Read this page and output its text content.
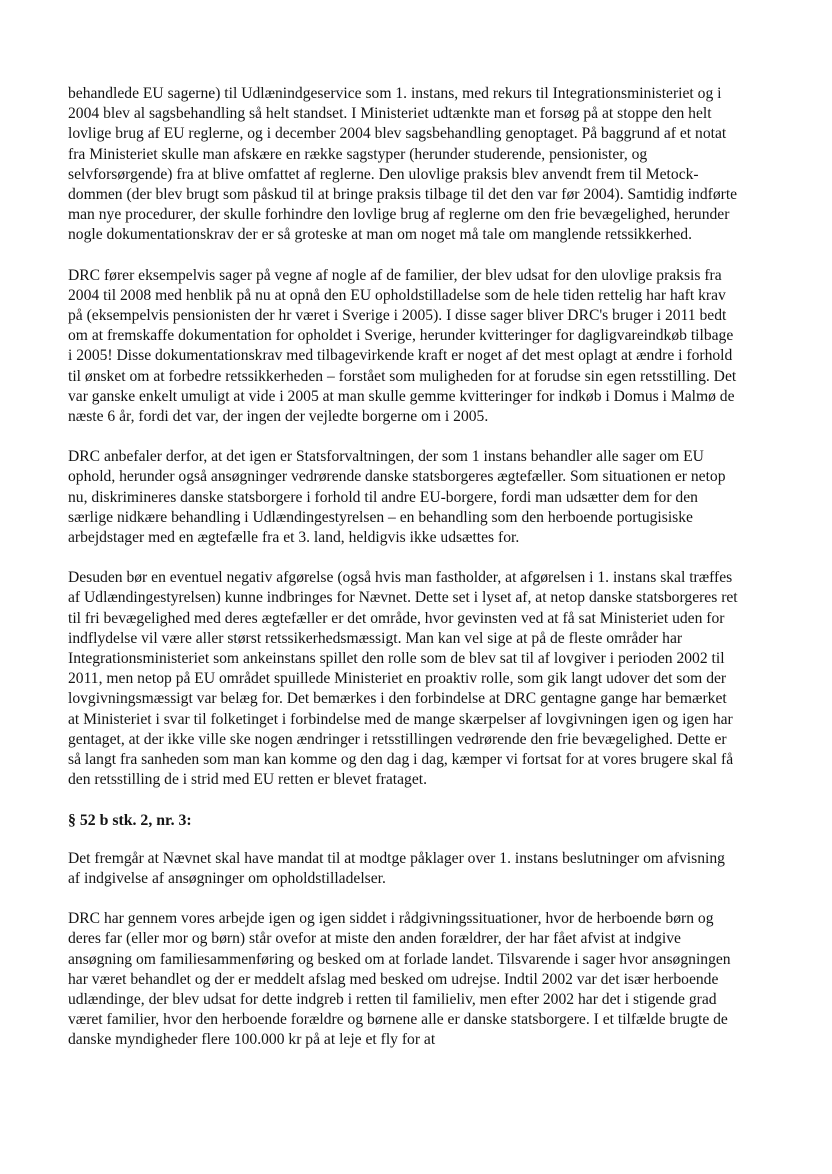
behandlede EU sagerne) til Udlænindgeservice som 1. instans, med rekurs til Integrationsministeriet og i 2004 blev al sagsbehandling så helt standset. I Ministeriet udtænkte man et forsøg på at stoppe den helt lovlige brug af EU reglerne, og i december 2004 blev sagsbehandling genoptaget. På baggrund af et notat fra Ministeriet skulle man afskære en række sagstyper (herunder studerende, pensionister, og selvforsørgende) fra at blive omfattet af reglerne. Den ulovlige praksis blev anvendt frem til Metock-dommen (der blev brugt som påskud til at bringe praksis tilbage til det den var før 2004). Samtidig indførte man nye procedurer, der skulle forhindre den lovlige brug af reglerne om den frie bevægelighed, herunder nogle dokumentationskrav der er så groteske at man om noget må tale om manglende retssikkerhed.

DRC fører eksempelvis sager på vegne af nogle af de familier, der blev udsat for den ulovlige praksis fra 2004 til 2008 med henblik på nu at opnå den EU opholdstilladelse som de hele tiden rettelig har haft krav på (eksempelvis pensionisten der hr været i Sverige i 2005). I disse sager bliver DRC's bruger i 2011 bedt om at fremskaffe dokumentation for opholdet i Sverige, herunder kvitteringer for dagligvareindkøb tilbage i 2005! Disse dokumentationskrav med tilbagevirkende kraft er noget af det mest oplagt at ændre i forhold til ønsket om at forbedre retssikkerheden – forstået som muligheden for at forudse sin egen retsstilling. Det var ganske enkelt umuligt at vide i 2005 at man skulle gemme kvitteringer for indkøb i Domus i Malmø de næste 6 år, fordi det var, der ingen der vejledte borgerne om i 2005.

DRC anbefaler derfor, at det igen er Statsforvaltningen, der som 1 instans behandler alle sager om EU ophold, herunder også ansøgninger vedrørende danske statsborgeres ægtefæller. Som situationen er netop nu, diskrimineres danske statsborgere i forhold til andre EU-borgere, fordi man udsætter dem for den særlige nidkære behandling i Udlændingestyrelsen – en behandling som den herboende portugisiske arbejdstager med en ægtefælle fra et 3. land, heldigvis ikke udsættes for.

Desuden bør en eventuel negativ afgørelse (også hvis man fastholder, at afgørelsen i 1. instans skal træffes af Udlændingestyrelsen) kunne indbringes for Nævnet. Dette set i lyset af, at netop danske statsborgeres ret til fri bevægelighed med deres ægtefæller er det område, hvor gevinsten ved at få sat Ministeriet uden for indflydelse vil være aller størst retssikerhedsmæssigt. Man kan vel sige at på de fleste områder har Integrationsministeriet som ankeinstans spillet den rolle som de blev sat til af lovgiver i perioden 2002 til 2011, men netop på EU området spuillede Ministeriet en proaktiv rolle, som gik langt udover det som der lovgivningsmæssigt var belæg for. Det bemærkes i den forbindelse at DRC gentagne gange har bemærket at Ministeriet i svar til folketinget i forbindelse med de mange skærpelser af lovgivningen igen og igen har gentaget, at der ikke ville ske nogen ændringer i retsstillingen vedrørende den frie bevægelighed. Dette er så langt fra sanheden som man kan komme og den dag i dag, kæmper vi fortsat for at vores brugere skal få den retsstilling de i strid med EU retten er blevet frataget.

§ 52 b stk. 2, nr. 3:

Det fremgår at Nævnet skal have mandat til at modtge påklager over 1. instans beslutninger om afvisning af indgivelse af ansøgninger om opholdstilladelser.

DRC har gennem vores arbejde igen og igen siddet i rådgivningssituationer, hvor de herboende børn og deres far (eller mor og børn) står ovefor at miste den anden forældrer, der har fået afvist at indgive ansøgning om familiesammenføring og besked om at forlade landet. Tilsvarende i sager hvor ansøgningen har været behandlet og der er meddelt afslag med besked om udrejse. Indtil 2002 var det især herboende udlændinge, der blev udsat for dette indgreb i retten til familieliv, men efter 2002 har det i stigende grad været familier, hvor den herboende forældre og børnene alle er danske statsborgere. I et tilfælde brugte de danske myndigheder flere 100.000 kr på at leje et fly for at
